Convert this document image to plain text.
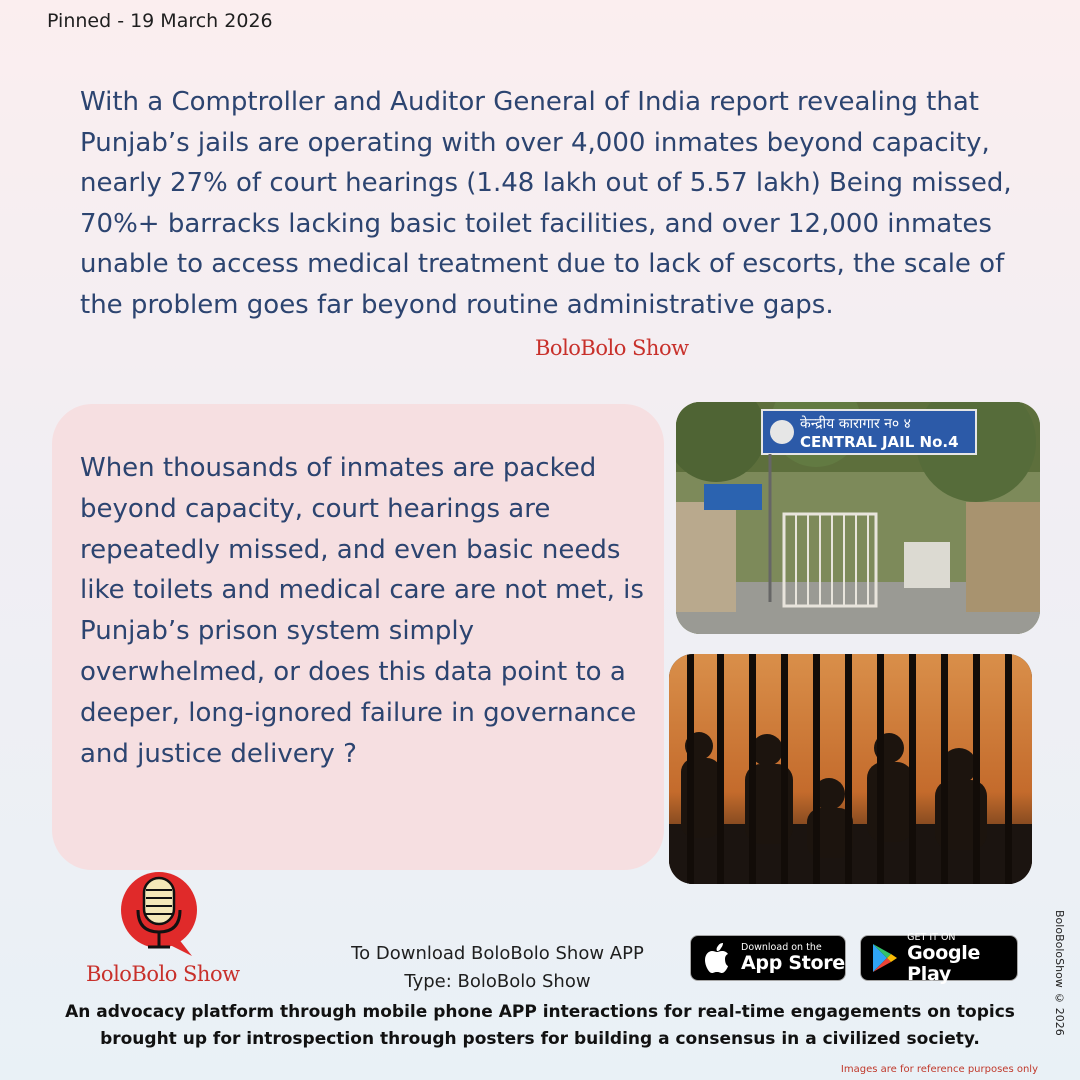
Pinned - 19 March 2026
With a Comptroller and Auditor General of India report revealing that Punjab’s jails are operating with over 4,000 inmates beyond capacity, nearly 27% of court hearings (1.48 lakh out of 5.57 lakh) Being missed, 70%+ barracks lacking basic toilet facilities, and over 12,000 inmates unable to access medical treatment due to lack of escorts, the scale of the problem goes far beyond routine administrative gaps.
BoloBolo Show
When thousands of inmates are packed beyond capacity, court hearings are repeatedly missed, and even basic needs like toilets and medical care are not met, is Punjab’s prison system simply overwhelmed, or does this data point to a deeper, long-ignored failure in governance and justice delivery ?
केन्द्रीय कारागार न० ४
CENTRAL JAIL No.4
BoloBolo Show
To Download BoloBolo Show APP
Type: BoloBolo Show
Download on the
App Store
GET IT ON
Google Play
An advocacy platform through mobile phone APP interactions for real-time engagements on topics brought up for introspection through posters for building a consensus in a civilized society.
BoloBoloShow © 2026
Images are for reference purposes only
